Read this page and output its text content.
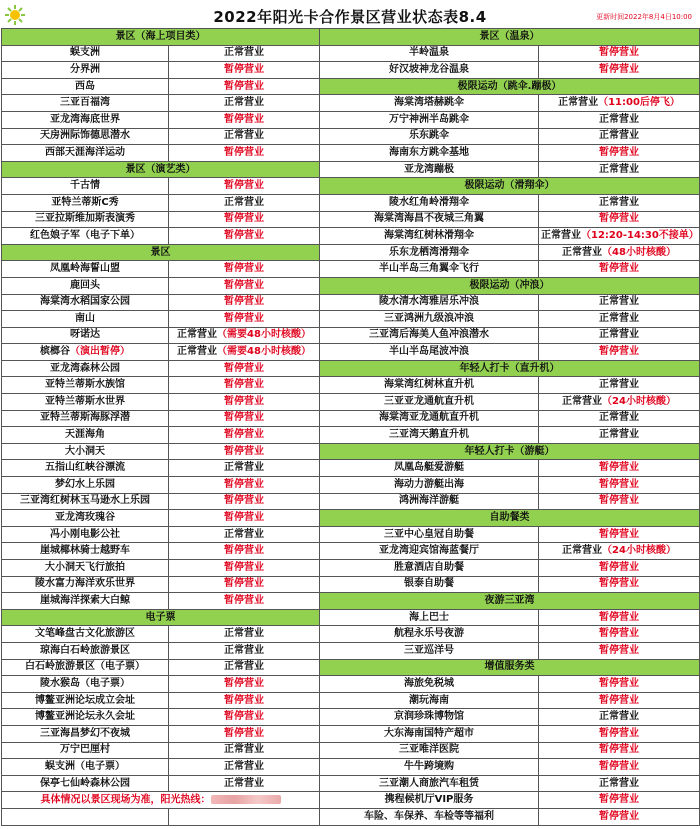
2022年阳光卡合作景区营业状态表8.4	更新时间2022年8月4日10:00
景区（海上项目类）		景区（温泉）	
蜈支洲	正常营业	半岭温泉	暂停营业
分界洲	暂停营业	好汉坡神龙谷温泉	暂停营业
西岛	暂停营业	极限运动（跳伞.蹦极）	
三亚百福湾	正常营业	海棠湾塔赫跳伞	正常营业（11:00后停飞）
亚龙湾海底世界	暂停营业	万宁神洲半岛跳伞	正常营业
天房洲际饰德思潜水	正常营业	乐东跳伞	正常营业
西部天涯海洋运动	暂停营业	海南东方跳伞基地	暂停营业
景区（演艺类）		亚龙湾蹦极	正常营业
千古情	暂停营业	极限运动（滑翔伞）	
亚特兰蒂斯C秀	正常营业	陵水红角岭滑翔伞	正常营业
三亚拉斯维加斯表演秀	暂停营业	海棠湾海昌不夜城三角翼	暂停营业
红色娘子军（电子下单）	暂停营业	海棠湾红树林滑翔伞	正常营业（12:20-14:30不接单）
景区		乐东龙栖湾滑翔伞	正常营业（48小时核酸）
凤凰岭海誓山盟	暂停营业	半山半岛三角翼伞飞行	暂停营业
鹿回头	暂停营业	极限运动（冲浪）	
海棠湾水稻国家公园	暂停营业	陵水清水湾雅居乐冲浪	正常营业
南山	暂停营业	三亚鸿洲九级浪冲浪	正常营业
呀诺达	正常营业（需要48小时核酸）	三亚湾后海美人鱼冲浪潜水	正常营业
槟榔谷（演出暂停）	正常营业（需要48小时核酸）	半山半岛尾波冲浪	暂停营业
亚龙湾森林公园	暂停营业	年轻人打卡（直升机）	
亚特兰蒂斯水族馆	暂停营业	海棠湾红树林直升机	正常营业
亚特兰蒂斯水世界	暂停营业	三亚亚龙通航直升机	正常营业（24小时核酸）
亚特兰蒂斯海豚浮潜	暂停营业	海棠湾亚龙通航直升机	正常营业
天涯海角	暂停营业	三亚湾天鹅直升机	正常营业
大小洞天	暂停营业	年轻人打卡（游艇）	
五指山红峡谷漂流	正常营业	凤凰岛艇爱游艇	暂停营业
梦幻水上乐园	暂停营业	海动力游艇出海	暂停营业
三亚湾红树林玉马逊水上乐园	暂停营业	鸿洲海洋游艇	暂停营业
亚龙湾玫瑰谷	暂停营业	自助餐类	
冯小刚电影公社	正常营业	三亚中心皇冠自助餐	暂停营业
崖城椰林骑士越野车	暂停营业	亚龙湾迎宾馆海蓝餐厅	正常营业（24小时核酸）
大小洞天飞行旅拍	暂停营业	胜意酒店自助餐	暂停营业
陵水富力海洋欢乐世界	暂停营业	银泰自助餐	暂停营业
崖城海洋探索大白鲸	暂停营业	夜游三亚湾	
电子票		海上巴士	暂停营业
文笔峰盘古文化旅游区	正常营业	航程永乐号夜游	暂停营业
琼海白石岭旅游景区	正常营业	三亚巡洋号	暂停营业
白石岭旅游景区（电子票）	正常营业	增值服务类	
陵水猴岛（电子票）	暂停营业	海旅免税城	暂停营业
博鳌亚洲论坛成立会址	暂停营业	潮玩海南	暂停营业
博鳌亚洲论坛永久会址	暂停营业	京润珍珠博物馆	正常营业
三亚海昌梦幻不夜城	暂停营业	大东海南国特产超市	暂停营业
万宁巴厘村	正常营业	三亚唯洋医院	暂停营业
蜈支洲（电子票）	正常营业	牛牛跨境购	暂停营业
保亭七仙岭森林公园	正常营业	三亚潮人商旅汽车租赁	正常营业
具体情况以景区现场为准，阳光热线：		携程候机厅VIP服务	暂停营业
		车险、车保养、车检等等福利	暂停营业
